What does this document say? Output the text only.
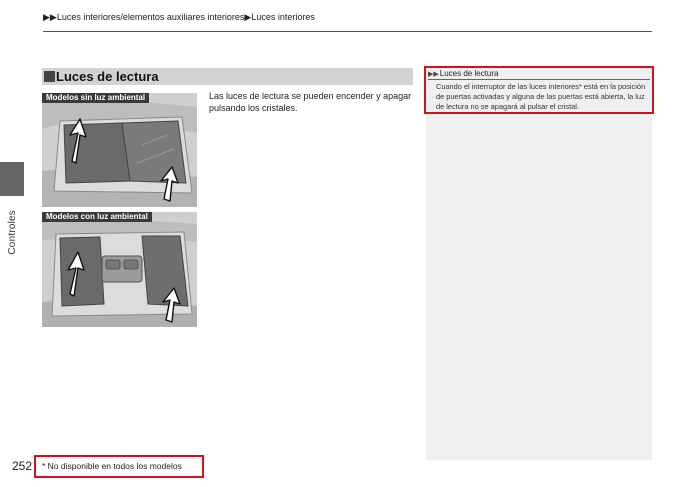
▶▶Luces interiores/elementos auxiliares interiores▶Luces interiores
Controles
Luces de lectura
Modelos sin luz ambiental
Modelos con luz ambiental
Las luces de lectura se pueden encender y apagar pulsando los cristales.
▶▶Luces de lectura
Cuando el interruptor de las luces interiores* está en la posición de puertas activadas y alguna de las puertas está abierta, la luz de lectura no se apagará al pulsar el cristal.
252 * No disponible en todos los modelos
